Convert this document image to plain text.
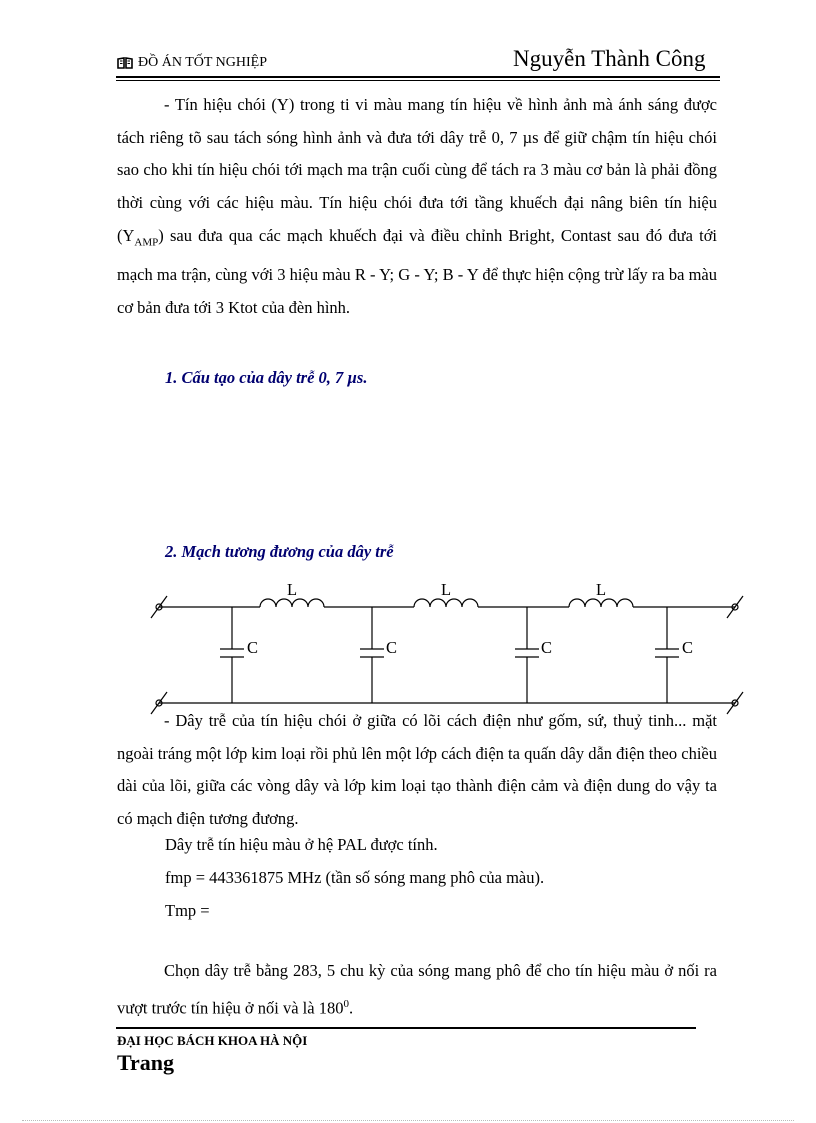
ĐỒ ÁN TỐT NGHIỆP	Nguyễn Thành Công
- Tín hiệu chói (Y) trong ti vi màu mang tín hiệu về hình ảnh mà ánh sáng được tách riêng tõ sau tách sóng hình ảnh và đưa tới dây trễ 0, 7 µs để giữ chậm tín hiệu chói sao cho khi tín hiệu chói tới mạch ma trận cuối cùng để tách ra 3 màu cơ bản là phải đồng thời cùng với các hiệu màu. Tín hiệu chói đưa tới tầng khuếch đại nâng biên tín hiệu $(Y_{AMP})$ sau đưa qua các mạch khuếch đại và điều chỉnh Bright, Contast sau đó đưa tới mạch ma trận, cùng với 3 hiệu màu R - Y; G - Y; B - Y để thực hiện cộng trừ lấy ra ba màu cơ bản đưa tới 3 Ktot của đèn hình.
1. Cấu tạo của dây trễ 0, 7 µs.
2. Mạch tương đương của dây trễ
L	L	L
C	C	C	C
- Dây trễ của tín hiệu chói ở giữa có lõi cách điện như gốm, sứ, thuỷ tinh... mặt ngoài tráng một lớp kim loại rồi phủ lên một lớp cách điện ta quấn dây dẫn điện theo chiều dài của lõi, giữa các vòng dây và lớp kim loại tạo thành điện cảm và điện dung do vậy ta có mạch điện tương đương.
Dây trễ tín hiệu màu ở hệ PAL được tính.
fmp = 443361875 MHz (tần số sóng mang phô của màu).
Tmp =
Chọn dây trễ bằng 283, 5 chu kỳ của sóng mang phô để cho tín hiệu màu ở nối ra vượt trước tín hiệu ở nối và là $180^0$.
ĐẠI HỌC BÁCH KHOA HÀ NỘI
Trang
